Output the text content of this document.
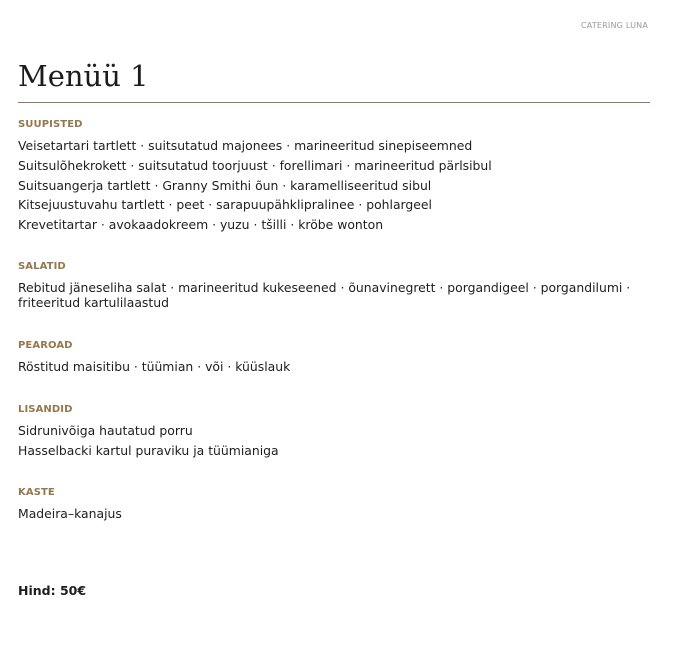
CATERING LUNA
Menüü 1
SUUPISTED
Veisetartari tartlett · suitsutatud majonees · marineeritud sinepiseemned
Suitsulõhekrokett · suitsutatud toorjuust · forellimari · marineeritud pärlsibul
Suitsuangerja tartlett · Granny Smithi õun · karamelliseeritud sibul
Kitsejuustuvahu tartlett · peet · sarapuupähklipralinee · pohlargeel
Krevetitartar · avokaadokreem · yuzu · tšilli · kröbe wonton
SALATID
Rebitud jäneseliha salat · marineeritud kukeseened · õunavinegrett · porgandigeel · porgandilumi · friteeritud kartulilaastud
PEAROAD
Röstitud maisitibu · tüümian · või · küüslauk
LISANDID
Sidrunivõiga hautatud porru
Hasselbacki kartul puraviku ja tüümianiga
KASTE
Madeira–kanajus
Hind: 50€
